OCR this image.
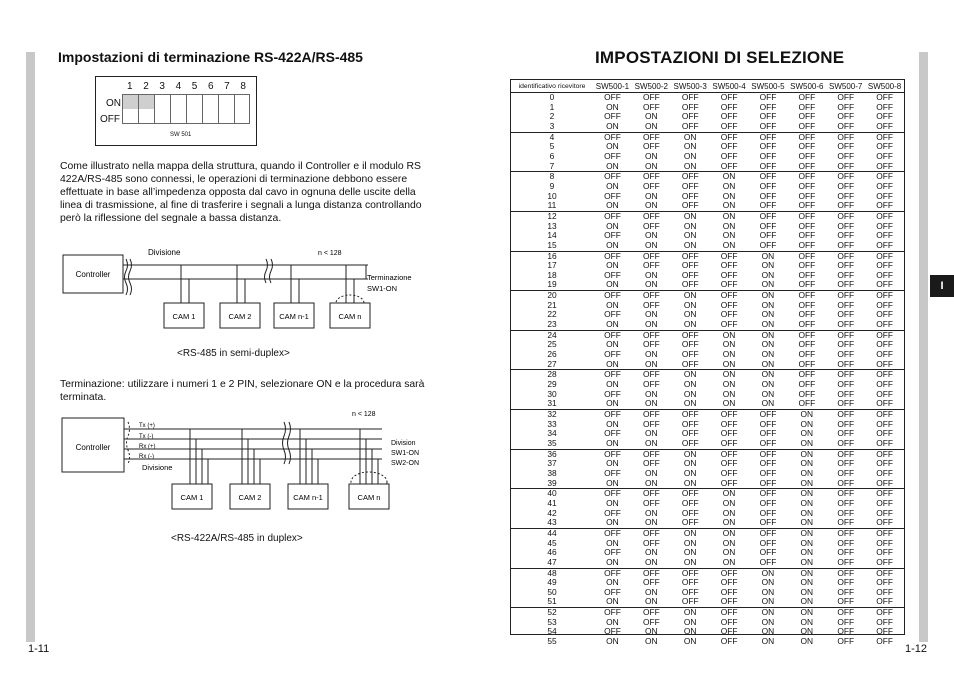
I
Impostazioni di terminazione RS-422A/RS-485
1 2 3 4 5 6 7 8
ON
OFF
SW 501
Come illustrato nella mappa della struttura, quando il Controller e il modulo RS 422A/RS-485 sono connessi, le operazioni di terminazione debbono essere effettuate in base all’impedenza opposta dal cavo in ognuna delle uscite della linea di trasmissione, al fine di trasferire i segnali a lunga distanza controllando però la riflessione del segnale a bassa distanza.
Controller
Divisione	n < 128
Terminazione
SW1-ON
CAM 1	CAM 2	CAM n-1	CAM n
<RS-485 in semi-duplex>
Terminazione: utilizzare i numeri 1 e 2 PIN, selezionare ON e la procedura sarà terminata.
Controller
n < 128
Tx (+)
Tx (-)
Rx (+)
Rx (-)
Divisione
Division
SW1-ON
SW2-ON
CAM 1	CAM 2	CAM n-1	CAM n
<RS-422A/RS-485 in duplex>
1-11
IMPOSTAZIONI DI SELEZIONE
identificativo ricevitore	SW500-1	SW500-2	SW500-3	SW500-4	SW500-5	SW500-6	SW500-7	SW500-8
0	OFF	OFF	OFF	OFF	OFF	OFF	OFF	OFF
1	ON	OFF	OFF	OFF	OFF	OFF	OFF	OFF
2	OFF	ON	OFF	OFF	OFF	OFF	OFF	OFF
3	ON	ON	OFF	OFF	OFF	OFF	OFF	OFF
4	OFF	OFF	ON	OFF	OFF	OFF	OFF	OFF
5	ON	OFF	ON	OFF	OFF	OFF	OFF	OFF
6	OFF	ON	ON	OFF	OFF	OFF	OFF	OFF
7	ON	ON	ON	OFF	OFF	OFF	OFF	OFF
8	OFF	OFF	OFF	ON	OFF	OFF	OFF	OFF
9	ON	OFF	OFF	ON	OFF	OFF	OFF	OFF
10	OFF	ON	OFF	ON	OFF	OFF	OFF	OFF
11	ON	ON	OFF	ON	OFF	OFF	OFF	OFF
12	OFF	OFF	ON	ON	OFF	OFF	OFF	OFF
13	ON	OFF	ON	ON	OFF	OFF	OFF	OFF
14	OFF	ON	ON	ON	OFF	OFF	OFF	OFF
15	ON	ON	ON	ON	OFF	OFF	OFF	OFF
16	OFF	OFF	OFF	OFF	ON	OFF	OFF	OFF
17	ON	OFF	OFF	OFF	ON	OFF	OFF	OFF
18	OFF	ON	OFF	OFF	ON	OFF	OFF	OFF
19	ON	ON	OFF	OFF	ON	OFF	OFF	OFF
20	OFF	OFF	ON	OFF	ON	OFF	OFF	OFF
21	ON	OFF	ON	OFF	ON	OFF	OFF	OFF
22	OFF	ON	ON	OFF	ON	OFF	OFF	OFF
23	ON	ON	ON	OFF	ON	OFF	OFF	OFF
24	OFF	OFF	OFF	ON	ON	OFF	OFF	OFF
25	ON	OFF	OFF	ON	ON	OFF	OFF	OFF
26	OFF	ON	OFF	ON	ON	OFF	OFF	OFF
27	ON	ON	OFF	ON	ON	OFF	OFF	OFF
28	OFF	OFF	ON	ON	ON	OFF	OFF	OFF
29	ON	OFF	ON	ON	ON	OFF	OFF	OFF
30	OFF	ON	ON	ON	ON	OFF	OFF	OFF
31	ON	ON	ON	ON	ON	OFF	OFF	OFF
32	OFF	OFF	OFF	OFF	OFF	ON	OFF	OFF
33	ON	OFF	OFF	OFF	OFF	ON	OFF	OFF
34	OFF	ON	OFF	OFF	OFF	ON	OFF	OFF
35	ON	ON	OFF	OFF	OFF	ON	OFF	OFF
36	OFF	OFF	ON	OFF	OFF	ON	OFF	OFF
37	ON	OFF	ON	OFF	OFF	ON	OFF	OFF
38	OFF	ON	ON	OFF	OFF	ON	OFF	OFF
39	ON	ON	ON	OFF	OFF	ON	OFF	OFF
40	OFF	OFF	OFF	ON	OFF	ON	OFF	OFF
41	ON	OFF	OFF	ON	OFF	ON	OFF	OFF
42	OFF	ON	OFF	ON	OFF	ON	OFF	OFF
43	ON	ON	OFF	ON	OFF	ON	OFF	OFF
44	OFF	OFF	ON	ON	OFF	ON	OFF	OFF
45	ON	OFF	ON	ON	OFF	ON	OFF	OFF
46	OFF	ON	ON	ON	OFF	ON	OFF	OFF
47	ON	ON	ON	ON	OFF	ON	OFF	OFF
48	OFF	OFF	OFF	OFF	ON	ON	OFF	OFF
49	ON	OFF	OFF	OFF	ON	ON	OFF	OFF
50	OFF	ON	OFF	OFF	ON	ON	OFF	OFF
51	ON	ON	OFF	OFF	ON	ON	OFF	OFF
52	OFF	OFF	ON	OFF	ON	ON	OFF	OFF
53	ON	OFF	ON	OFF	ON	ON	OFF	OFF
54	OFF	ON	ON	OFF	ON	ON	OFF	OFF
55	ON	ON	ON	OFF	ON	ON	OFF	OFF
1-12
